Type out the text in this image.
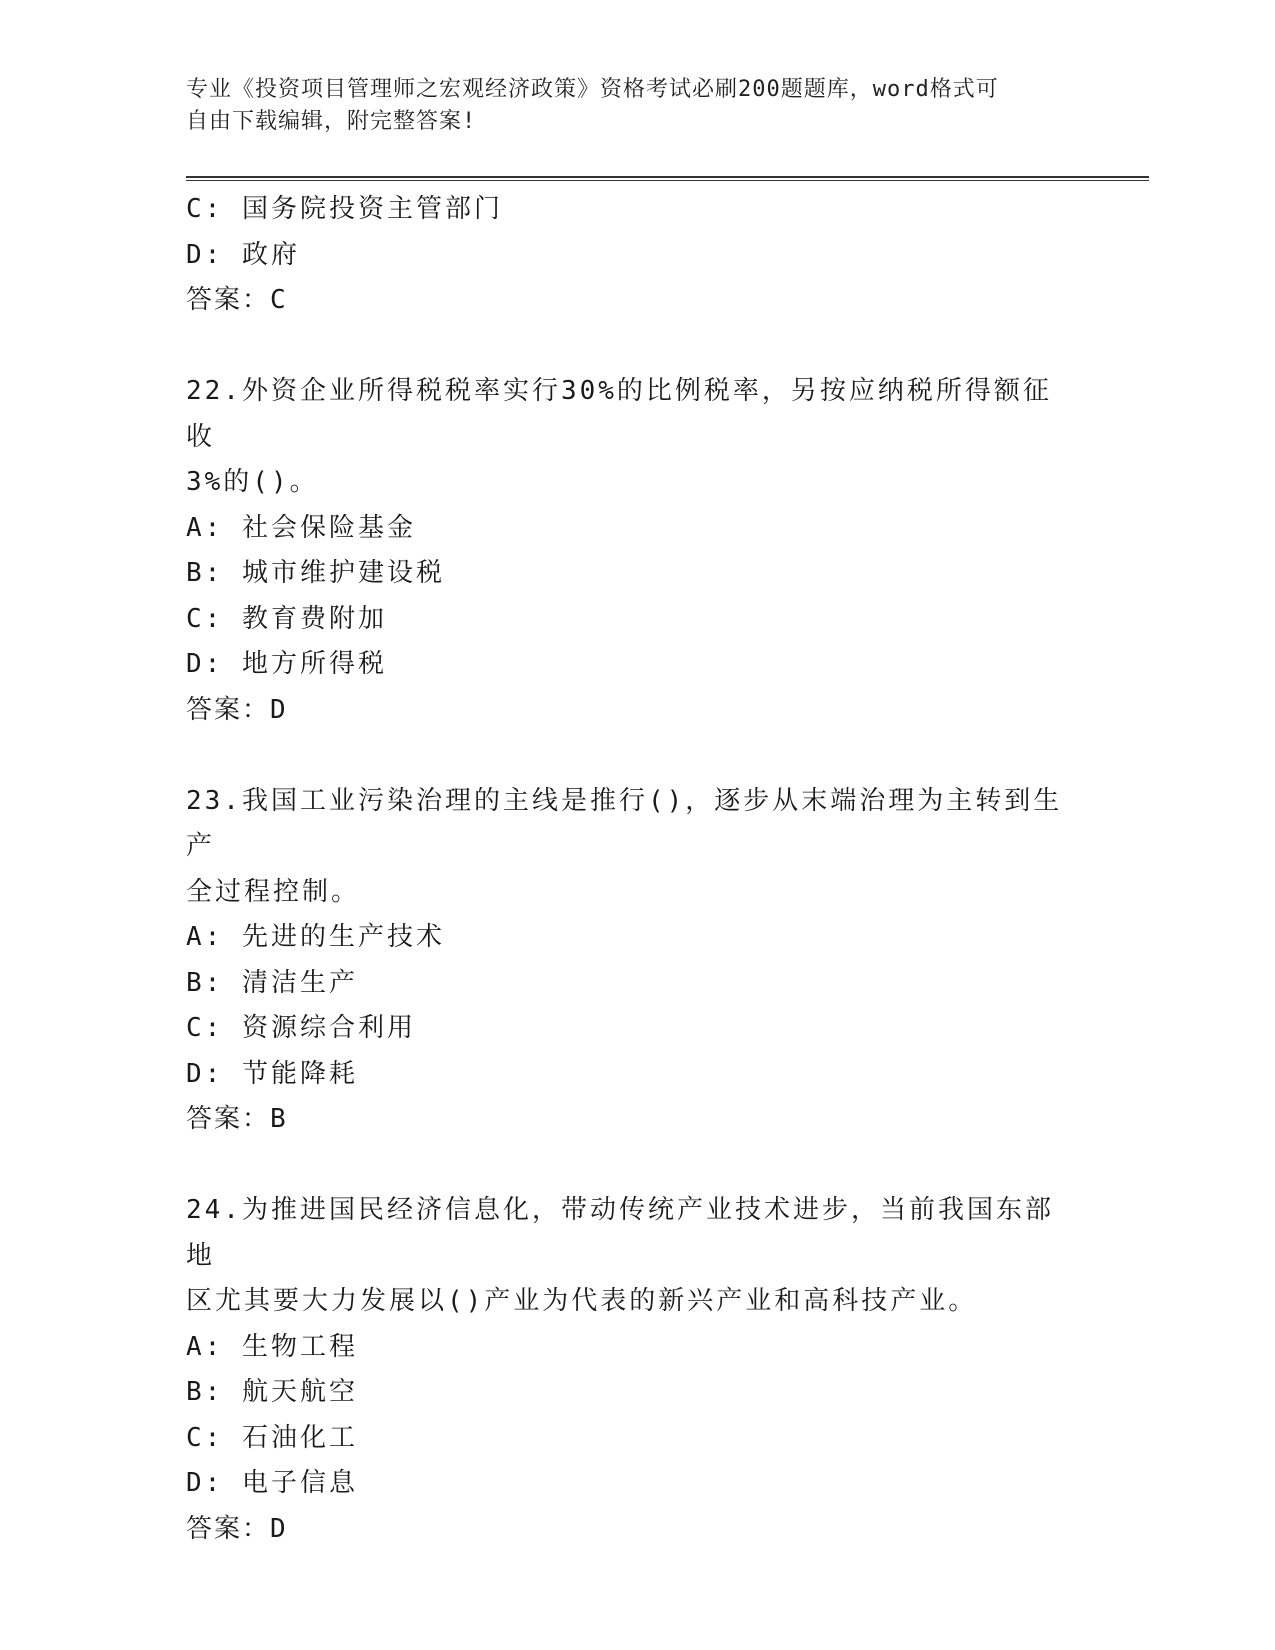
专业《投资项目管理师之宏观经济政策》资格考试必刷200题题库，word格式可
自由下载编辑，附完整答案!
C: 国务院投资主管部门
D: 政府
答案：C
22.外资企业所得税税率实行30%的比例税率，另按应纳税所得额征收
3%的()。
A: 社会保险基金
B: 城市维护建设税
C: 教育费附加
D: 地方所得税
答案：D
23.我国工业污染治理的主线是推行()，逐步从末端治理为主转到生产
全过程控制。
A: 先进的生产技术
B: 清洁生产
C: 资源综合利用
D: 节能降耗
答案：B
24.为推进国民经济信息化，带动传统产业技术进步，当前我国东部地
区尤其要大力发展以()产业为代表的新兴产业和高科技产业。
A: 生物工程
B: 航天航空
C: 石油化工
D: 电子信息
答案：D
